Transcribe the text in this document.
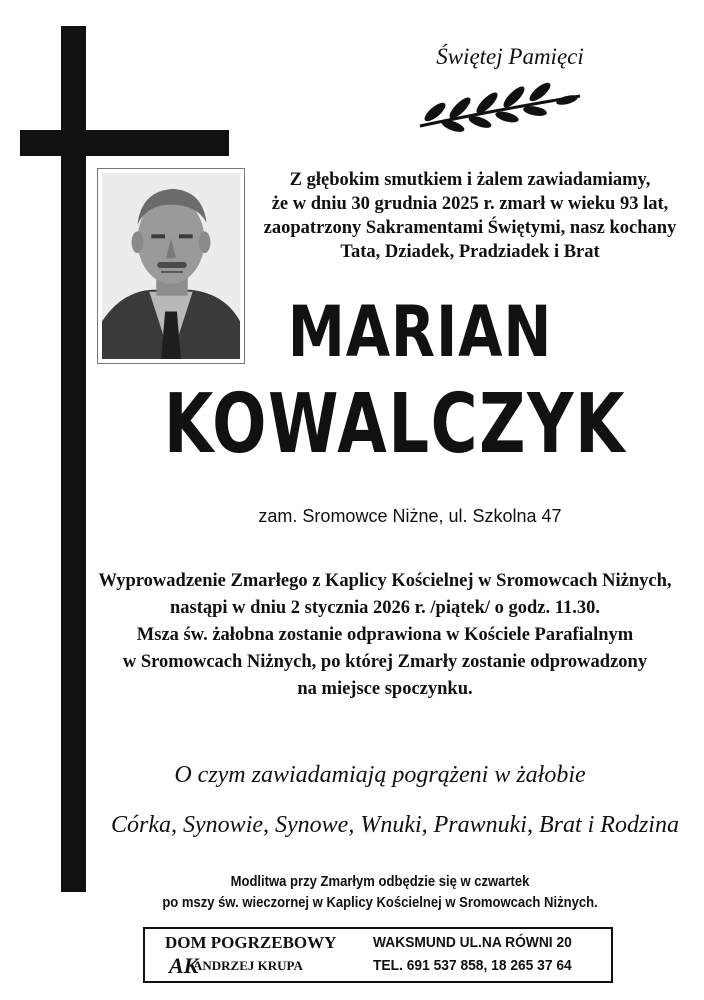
Świętej Pamięci
Z głębokim smutkiem i żalem zawiadamiamy,
że w dniu 30 grudnia 2025 r. zmarł w wieku 93 lat,
zaopatrzony Sakramentami Świętymi, nasz kochany
Tata, Dziadek, Pradziadek i Brat
MARIAN
KOWALCZYK
zam. Sromowce Niżne, ul. Szkolna 47
Wyprowadzenie Zmarłego z Kaplicy Kościelnej w Sromowcach Niżnych,
nastąpi w dniu 2 stycznia 2026 r. /piątek/ o godz. 11.30.
Msza św. żałobna zostanie odprawiona w Kościele Parafialnym
w Sromowcach Niżnych, po której Zmarły zostanie odprowadzony
na miejsce spoczynku.
O czym zawiadamiają pogrążeni w żałobie
Córka, Synowie, Synowe, Wnuki, Prawnuki, Brat i Rodzina
Modlitwa przy Zmarłym odbędzie się w czwartek
po mszy św. wieczornej w Kaplicy Kościelnej w Sromowcach Niżnych.
DOM POGRZEBOWY
AK
ANDRZEJ KRUPA
WAKSMUND UL.NA RÓWNI 20
TEL. 691 537 858, 18 265 37 64
